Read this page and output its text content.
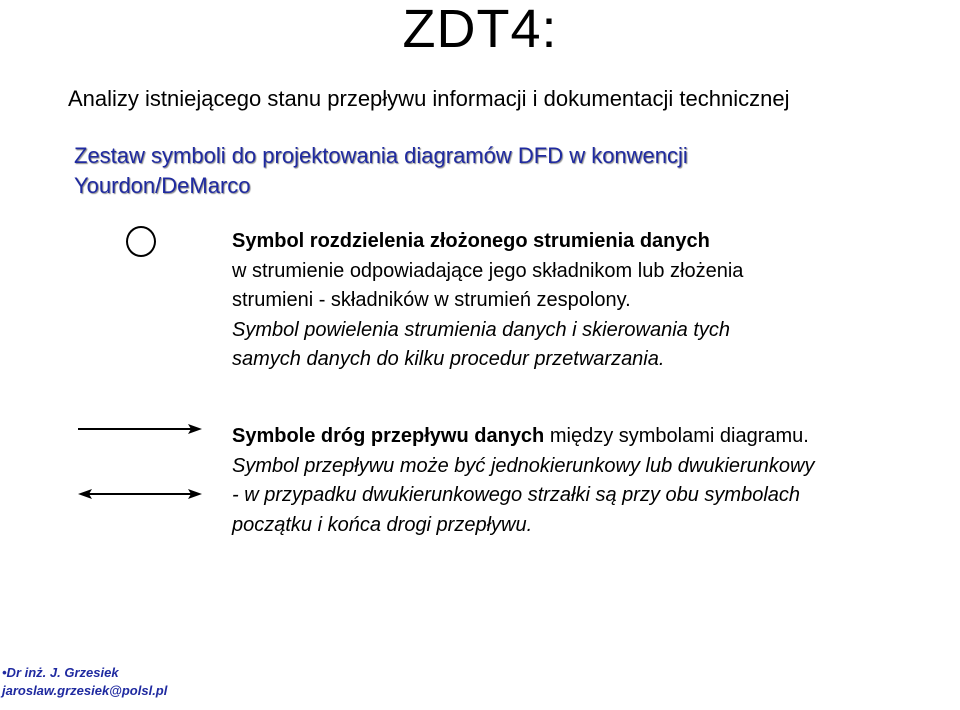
ZDT4:
Analizy istniejącego stanu przepływu informacji i dokumentacji technicznej
Zestaw symboli do projektowania diagramów DFD w konwencji
Yourdon/DeMarco
Symbol rozdzielenia złożonego strumienia danych
w strumienie odpowiadające jego składnikom lub złożenia
strumieni - składników w strumień zespolony.
Symbol powielenia strumienia danych i skierowania tych
samych danych do kilku procedur przetwarzania.
Symbole dróg przepływu danych między symbolami diagramu.
Symbol przepływu może być jednokierunkowy lub dwukierunkowy
- w przypadku dwukierunkowego strzałki są przy obu symbolach
początku i końca drogi przepływu.
•Dr inż. J. Grzesiek
jaroslaw.grzesiek@polsl.pl
